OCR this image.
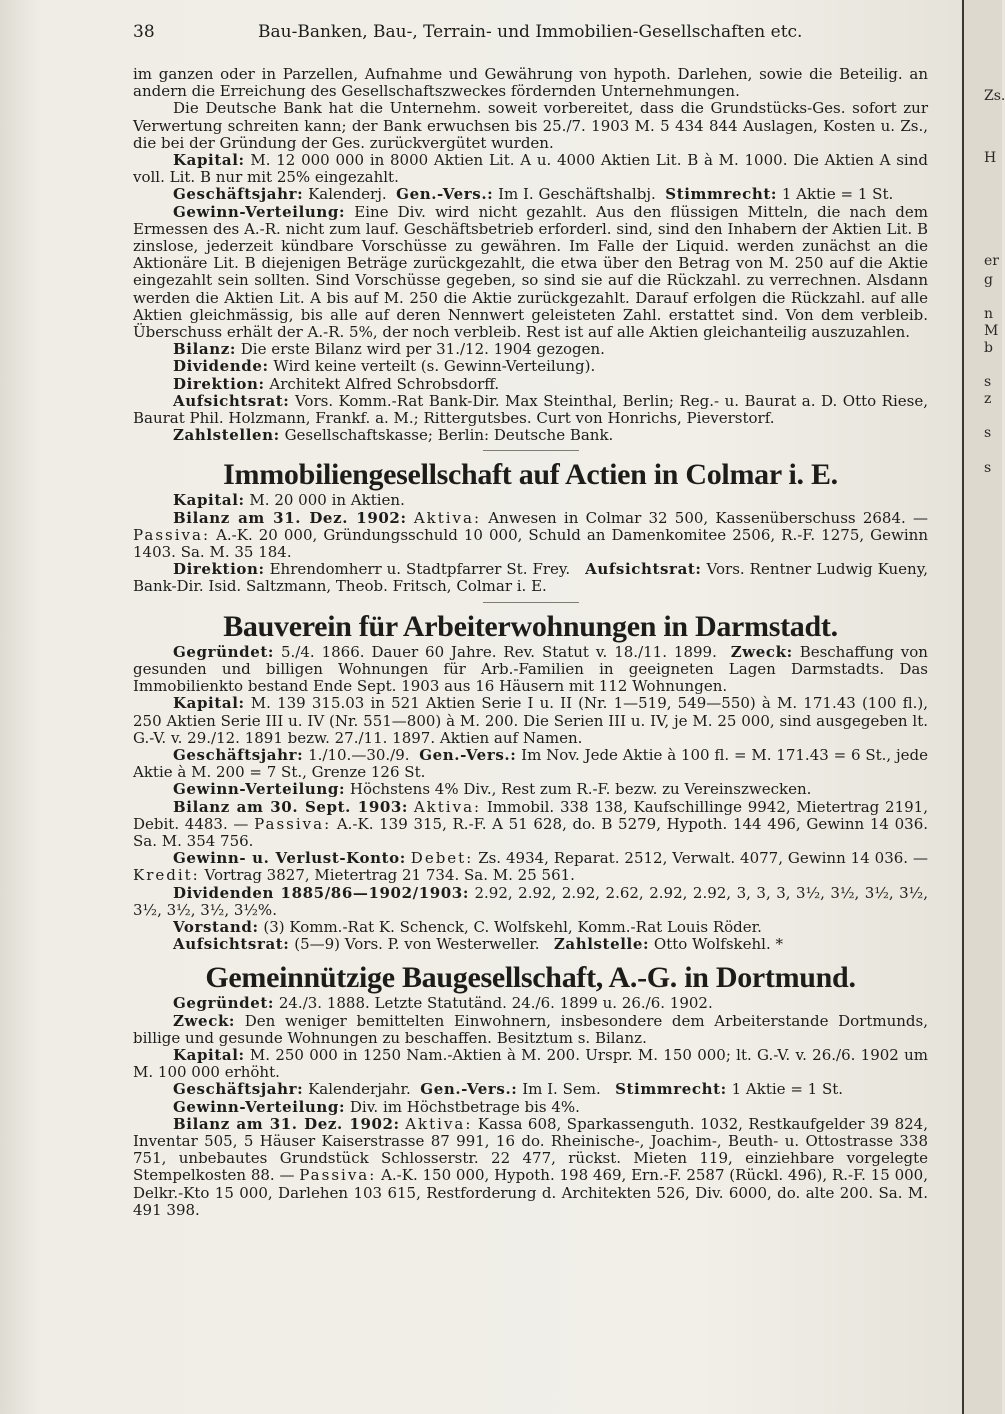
38	Bau-Banken, Bau-, Terrain- und Immobilien-Gesellschaften etc.

im ganzen oder in Parzellen, Aufnahme und Gewährung von hypoth. Darlehen, sowie die Beteilig. an andern die Erreichung des Gesellschaftszweckes fördernden Unternehmungen.

Die Deutsche Bank hat die Unternehm. soweit vorbereitet, dass die Grundstücks-Ges. sofort zur Verwertung schreiten kann; der Bank erwuchsen bis 25./7. 1903 M. 5 434 844 Auslagen, Kosten u. Zs., die bei der Gründung der Ges. zurückvergütet wurden.

Kapital: M. 12 000 000 in 8000 Aktien Lit. A u. 4000 Aktien Lit. B à M. 1000. Die Aktien A sind voll. Lit. B nur mit 25% eingezahlt.

Geschäftsjahr: Kalenderj. Gen.-Vers.: Im I. Geschäftshalbj. Stimmrecht: 1 Aktie = 1 St.

Gewinn-Verteilung: Eine Div. wird nicht gezahlt. Aus den flüssigen Mitteln, die nach dem Ermessen des A.-R. nicht zum lauf. Geschäftsbetrieb erforderl. sind, sind den Inhabern der Aktien Lit. B zinslose, jederzeit kündbare Vorschüsse zu gewähren. Im Falle der Liquid. werden zunächst an die Aktionäre Lit. B diejenigen Beträge zurückgezahlt, die etwa über den Betrag von M. 250 auf die Aktie eingezahlt sein sollten. Sind Vorschüsse gegeben, so sind sie auf die Rückzahl. zu verrechnen. Alsdann werden die Aktien Lit. A bis auf M. 250 die Aktie zurückgezahlt. Darauf erfolgen die Rückzahl. auf alle Aktien gleichmässig, bis alle auf deren Nennwert geleisteten Zahl. erstattet sind. Von dem verbleib. Überschuss erhält der A.-R. 5%, der noch verbleib. Rest ist auf alle Aktien gleichanteilig auszuzahlen.

Bilanz: Die erste Bilanz wird per 31./12. 1904 gezogen.

Dividende: Wird keine verteilt (s. Gewinn-Verteilung).

Direktion: Architekt Alfred Schrobsdorff.

Aufsichtsrat: Vors. Komm.-Rat Bank-Dir. Max Steinthal, Berlin; Reg.- u. Baurat a. D. Otto Riese, Baurat Phil. Holzmann, Frankf. a. M.; Rittergutsbes. Curt von Honrichs, Pieverstorf.

Zahlstellen: Gesellschaftskasse; Berlin: Deutsche Bank.

Immobiliengesellschaft auf Actien in Colmar i. E.

Kapital: M. 20 000 in Aktien.

Bilanz am 31. Dez. 1902: Aktiva: Anwesen in Colmar 32 500, Kassenüberschuss 2684. — Passiva: A.-K. 20 000, Gründungsschuld 10 000, Schuld an Damenkomitee 2506, R.-F. 1275, Gewinn 1403. Sa. M. 35 184.

Direktion: Ehrendomherr u. Stadtpfarrer St. Frey. Aufsichtsrat: Vors. Rentner Ludwig Kueny, Bank-Dir. Isid. Saltzmann, Theob. Fritsch, Colmar i. E.

Bauverein für Arbeiterwohnungen in Darmstadt.

Gegründet: 5./4. 1866. Dauer 60 Jahre. Rev. Statut v. 18./11. 1899. Zweck: Beschaffung von gesunden und billigen Wohnungen für Arb.-Familien in geeigneten Lagen Darmstadts. Das Immobilienkto bestand Ende Sept. 1903 aus 16 Häusern mit 112 Wohnungen.

Kapital: M. 139 315.03 in 521 Aktien Serie I u. II (Nr. 1—519, 549—550) à M. 171.43 (100 fl.), 250 Aktien Serie III u. IV (Nr. 551—800) à M. 200. Die Serien III u. IV, je M. 25 000, sind ausgegeben lt. G.-V. v. 29./12. 1891 bezw. 27./11. 1897. Aktien auf Namen.

Geschäftsjahr: 1./10.—30./9. Gen.-Vers.: Im Nov. Jede Aktie à 100 fl. = M. 171.43 = 6 St., jede Aktie à M. 200 = 7 St., Grenze 126 St.

Gewinn-Verteilung: Höchstens 4% Div., Rest zum R.-F. bezw. zu Vereinszwecken.

Bilanz am 30. Sept. 1903: Aktiva: Immobil. 338 138, Kaufschillinge 9942, Mietertrag 2191, Debit. 4483. — Passiva: A.-K. 139 315, R.-F. A 51 628, do. B 5279, Hypoth. 144 496, Gewinn 14 036. Sa. M. 354 756.

Gewinn- u. Verlust-Konto: Debet: Zs. 4934, Reparat. 2512, Verwalt. 4077, Gewinn 14 036. — Kredit: Vortrag 3827, Mietertrag 21 734. Sa. M. 25 561.

Dividenden 1885/86—1902/1903: 2.92, 2.92, 2.92, 2.62, 2.92, 2.92, 3, 3, 3, 3½, 3½, 3½, 3½, 3½, 3½, 3½, 3½%.

Vorstand: (3) Komm.-Rat K. Schenck, C. Wolfskehl, Komm.-Rat Louis Röder.

Aufsichtsrat: (5—9) Vors. P. von Westerweller. Zahlstelle: Otto Wolfskehl. *

Gemeinnützige Baugesellschaft, A.-G. in Dortmund.

Gegründet: 24./3. 1888. Letzte Statutänd. 24./6. 1899 u. 26./6. 1902.

Zweck: Den weniger bemittelten Einwohnern, insbesondere dem Arbeiterstande Dortmunds, billige und gesunde Wohnungen zu beschaffen. Besitztum s. Bilanz.

Kapital: M. 250 000 in 1250 Nam.-Aktien à M. 200. Urspr. M. 150 000; lt. G.-V. v. 26./6. 1902 um M. 100 000 erhöht.

Geschäftsjahr: Kalenderjahr. Gen.-Vers.: Im I. Sem. Stimmrecht: 1 Aktie = 1 St.

Gewinn-Verteilung: Div. im Höchstbetrage bis 4%.

Bilanz am 31. Dez. 1902: Aktiva: Kassa 608, Sparkassenguth. 1032, Restkaufgelder 39 824, Inventar 505, 5 Häuser Kaiserstrasse 87 991, 16 do. Rheinische-, Joachim-, Beuth- u. Ottostrasse 338 751, unbebautes Grundstück Schlosserstr. 22 477, rückst. Mieten 119, einziehbare vorgelegte Stempelkosten 88. — Passiva: A.-K. 150 000, Hypoth. 198 469, Ern.-F. 2587 (Rückl. 496), R.-F. 15 000, Delkr.-Kto 15 000, Darlehen 103 615, Restforderung d. Architekten 526, Div. 6000, do. alte 200. Sa. M. 491 398.

Zs.
H
er
g
n
M
b
s
z
s
s
